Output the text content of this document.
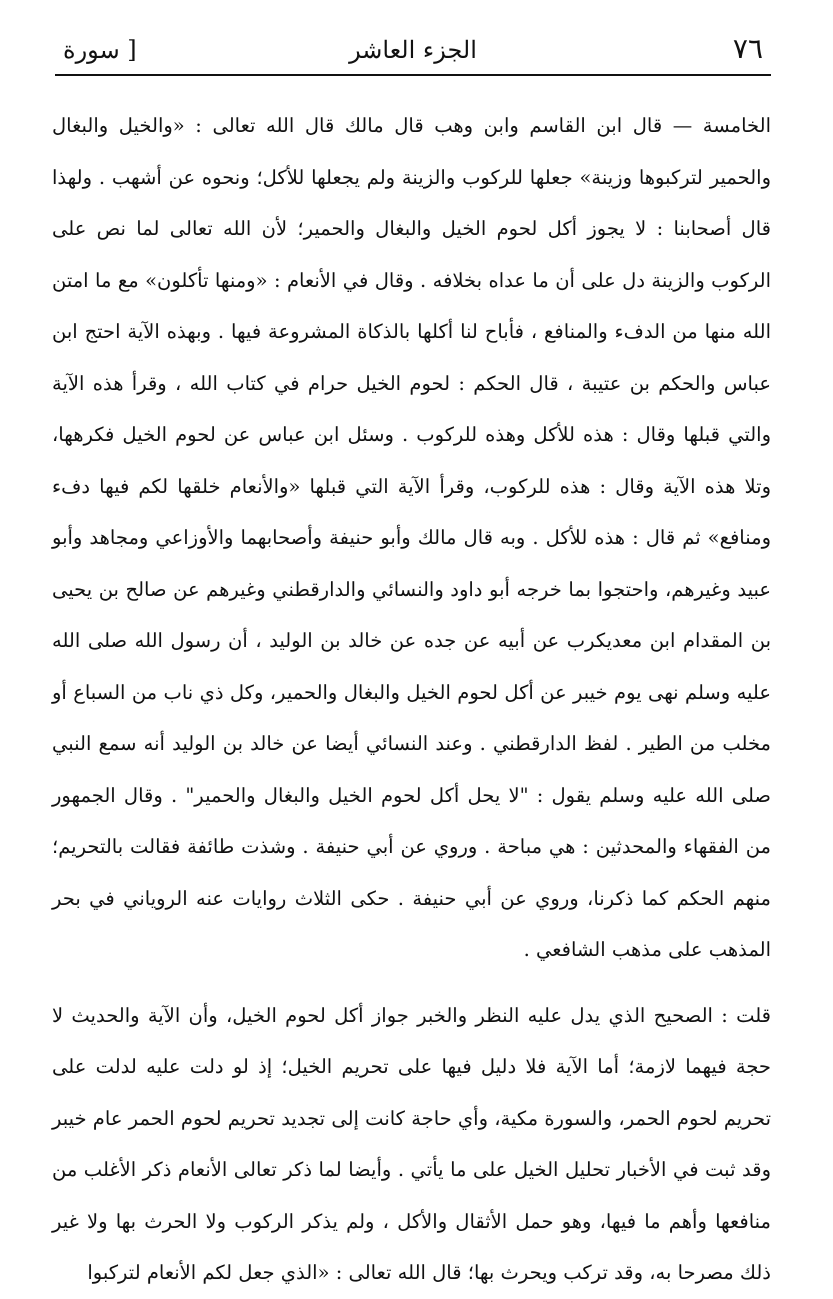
٧٦
الجزء العاشر
[ سورة

الخامسة — قال ابن القاسم وابن وهب قال مالك قال الله تعالى : «والخيل والبغال والحمير لتركبوها وزينة» جعلها للركوب والزينة ولم يجعلها للأكل؛ ونحوه عن أشهب . ولهذا قال أصحابنا : لا يجوز أكل لحوم الخيل والبغال والحمير؛ لأن الله تعالى لما نص على الركوب والزينة دل على أن ما عداه بخلافه . وقال في الأنعام : «ومنها تأكلون» مع ما امتن الله منها من الدفء والمنافع ، فأباح لنا أكلها بالذكاة المشروعة فيها . وبهذه الآية احتج ابن عباس والحكم بن عتيبة ، قال الحكم : لحوم الخيل حرام في كتاب الله ، وقرأ هذه الآية والتي قبلها وقال : هذه للأكل وهذه للركوب . وسئل ابن عباس عن لحوم الخيل فكرهها، وتلا هذه الآية وقال : هذه للركوب، وقرأ الآية التي قبلها «والأنعام خلقها لكم فيها دفء ومنافع» ثم قال : هذه للأكل . وبه قال مالك وأبو حنيفة وأصحابهما والأوزاعي ومجاهد وأبو عبيد وغيرهم، واحتجوا بما خرجه أبو داود والنسائي والدارقطني وغيرهم عن صالح بن يحيى بن المقدام ابن معديكرب عن أبيه عن جده عن خالد بن الوليد ، أن رسول الله صلى الله عليه وسلم نهى يوم خيبر عن أكل لحوم الخيل والبغال والحمير، وكل ذي ناب من السباع أو مخلب من الطير . لفظ الدارقطني . وعند النسائي أيضا عن خالد بن الوليد أنه سمع النبي صلى الله عليه وسلم يقول : "لا يحل أكل لحوم الخيل والبغال والحمير" . وقال الجمهور من الفقهاء والمحدثين : هي مباحة . وروي عن أبي حنيفة . وشذت طائفة فقالت بالتحريم؛ منهم الحكم كما ذكرنا، وروي عن أبي حنيفة . حكى الثلاث روايات عنه الروياني في بحر المذهب على مذهب الشافعي .

قلت : الصحيح الذي يدل عليه النظر والخبر جواز أكل لحوم الخيل، وأن الآية والحديث لا حجة فيهما لازمة؛ أما الآية فلا دليل فيها على تحريم الخيل؛ إذ لو دلت عليه لدلت على تحريم لحوم الحمر، والسورة مكية، وأي حاجة كانت إلى تجديد تحريم لحوم الحمر عام خيبر وقد ثبت في الأخبار تحليل الخيل على ما يأتي . وأيضا لما ذكر تعالى الأنعام ذكر الأغلب من منافعها وأهم ما فيها، وهو حمل الأثقال والأكل ، ولم يذكر الركوب ولا الحرث بها ولا غير ذلك مصرحا به، وقد تركب ويحرث بها؛ قال الله تعالى : «الذي جعل لكم الأنعام لتركبوا
